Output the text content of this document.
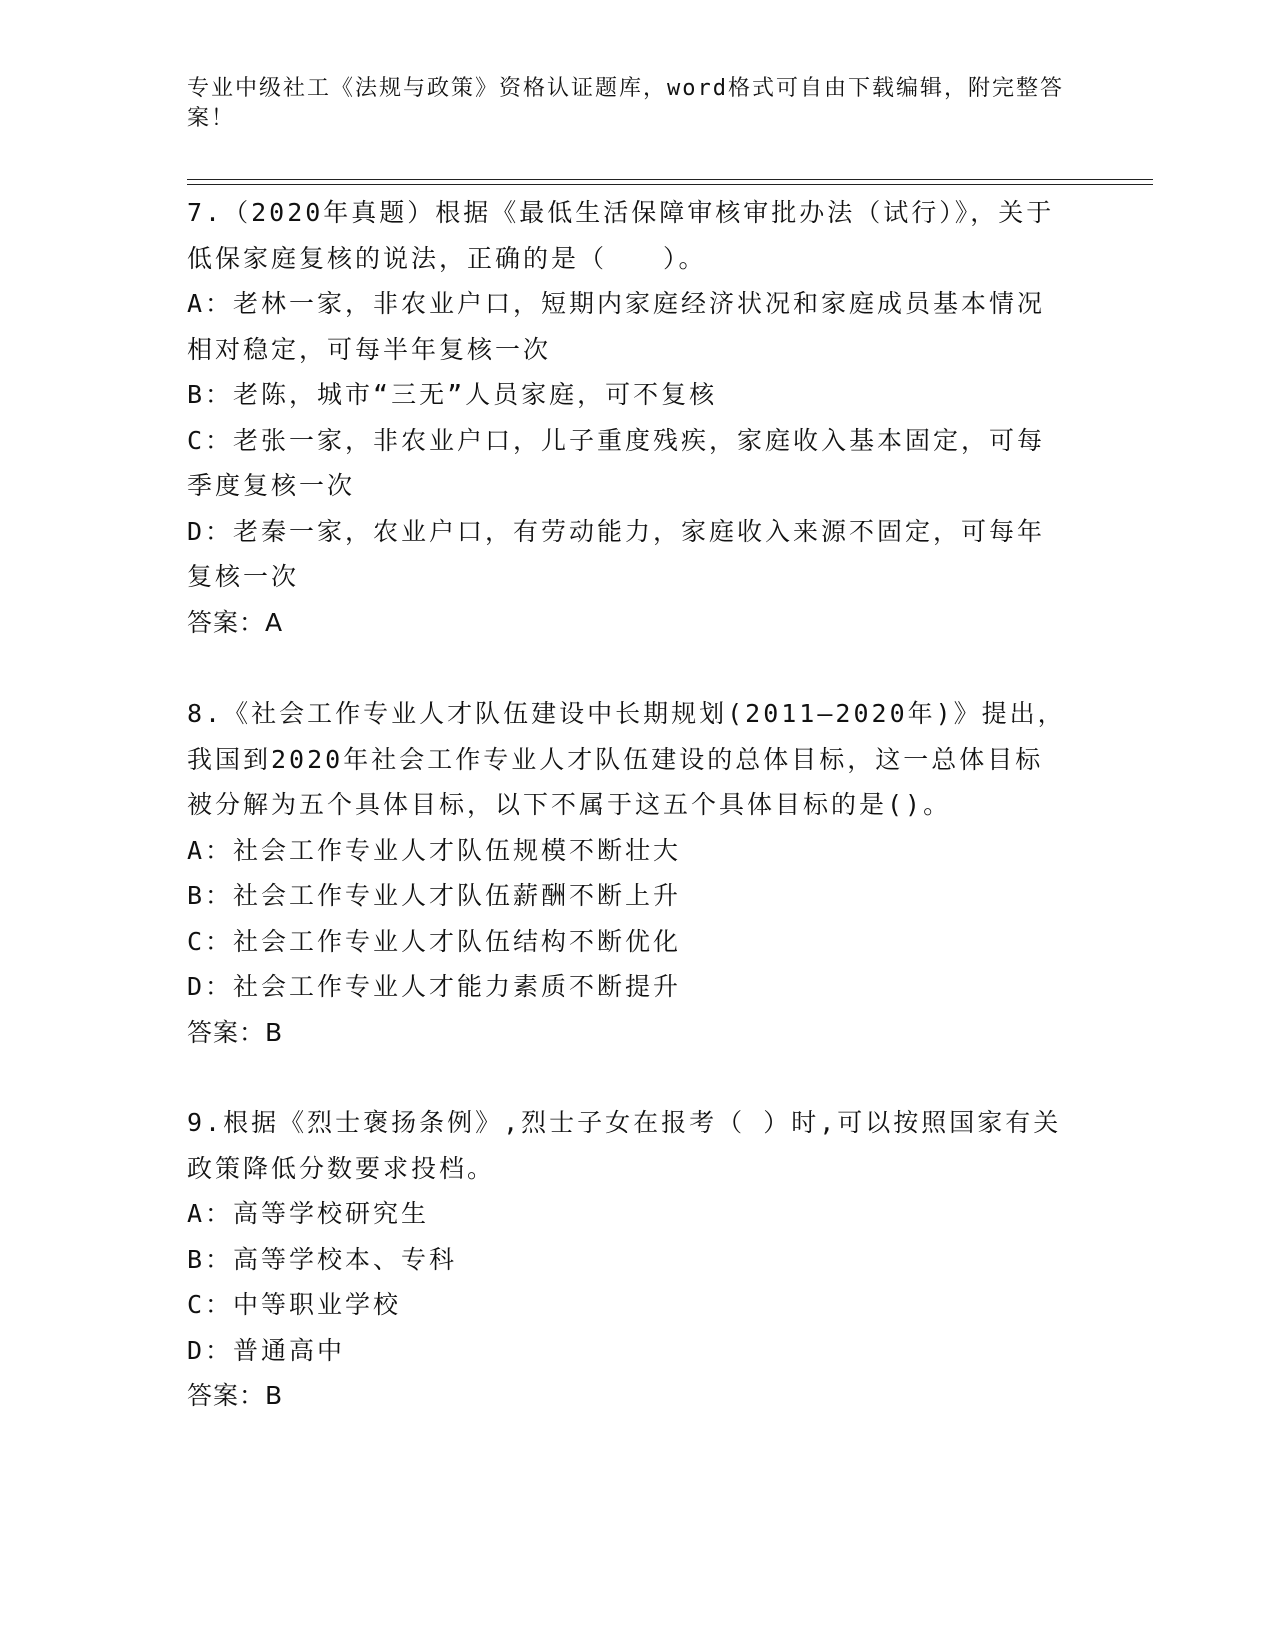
专业中级社工《法规与政策》资格认证题库，word格式可自由下载编辑，附完整答案！

7.（2020年真题）根据《最低生活保障审核审批办法（试行）》，关于低保家庭复核的说法，正确的是（　　）。

A：老林一家，非农业户口，短期内家庭经济状况和家庭成员基本情况相对稳定，可每半年复核一次

B：老陈，城市“三无”人员家庭，可不复核

C：老张一家，非农业户口，儿子重度残疾，家庭收入基本固定，可每季度复核一次

D：老秦一家，农业户口，有劳动能力，家庭收入来源不固定，可每年复核一次

答案：A

8.《社会工作专业人才队伍建设中长期规划(2011—2020年)》提出，我国到2020年社会工作专业人才队伍建设的总体目标，这一总体目标被分解为五个具体目标，以下不属于这五个具体目标的是()。

A：社会工作专业人才队伍规模不断壮大

B：社会工作专业人才队伍薪酬不断上升

C：社会工作专业人才队伍结构不断优化

D：社会工作专业人才能力素质不断提升

答案：B

9.根据《烈士褒扬条例》,烈士子女在报考（ ）时,可以按照国家有关政策降低分数要求投档。

A：高等学校研究生

B：高等学校本、专科

C：中等职业学校

D：普通高中

答案：B
